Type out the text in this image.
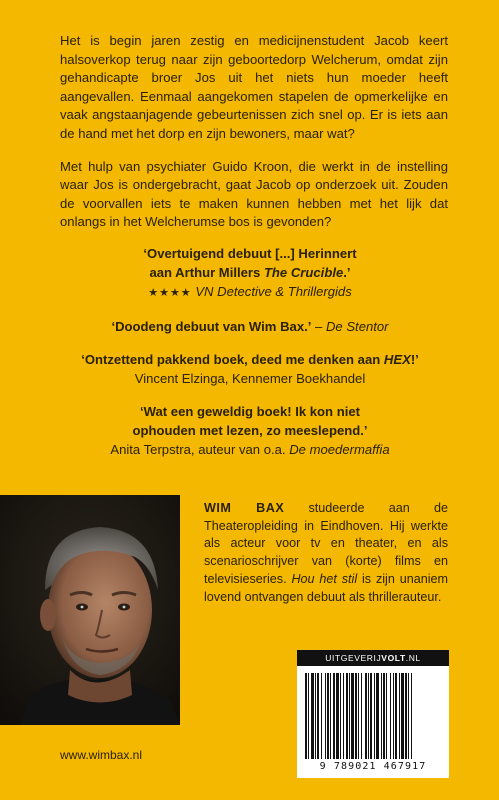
Het is begin jaren zestig en medicijnenstudent Jacob keert halsoverkop terug naar zijn geboortedorp Welcherum, omdat zijn gehandicapte broer Jos uit het niets hun moeder heeft aangevallen. Eenmaal aangekomen stapelen de opmerkelijke en vaak angstaanjagende gebeurtenissen zich snel op. Er is iets aan de hand met het dorp en zijn bewoners, maar wat?

Met hulp van psychiater Guido Kroon, die werkt in de instelling waar Jos is ondergebracht, gaat Jacob op onderzoek uit. Zouden de voorvallen iets te maken kunnen hebben met het lijk dat onlangs in het Welcherumse bos is gevonden?

‘Overtuigend debuut [...] Herinnert
aan Arthur Millers The Crucible.’
★★★★ VN Detective & Thrillergids
‘Doodeng debuut van Wim Bax.’ – De Stentor
‘Ontzettend pakkend boek, deed me denken aan HEX!’
Vincent Elzinga, Kennemer Boekhandel
‘Wat een geweldig boek! Ik kon niet
ophouden met lezen, zo meeslepend.’
Anita Terpstra, auteur van o.a. De moedermaffia

WIM BAX studeerde aan de Theateropleiding in Eindhoven. Hij werkte als acteur voor tv en theater, en als scenarioschrijver van (korte) films en televisieseries. Hou het stil is zijn unaniem lovend ontvangen debuut als thrillerauteur.

www.wimbax.nl
UITGEVERIJVOLT.NL
9 789021 467917
